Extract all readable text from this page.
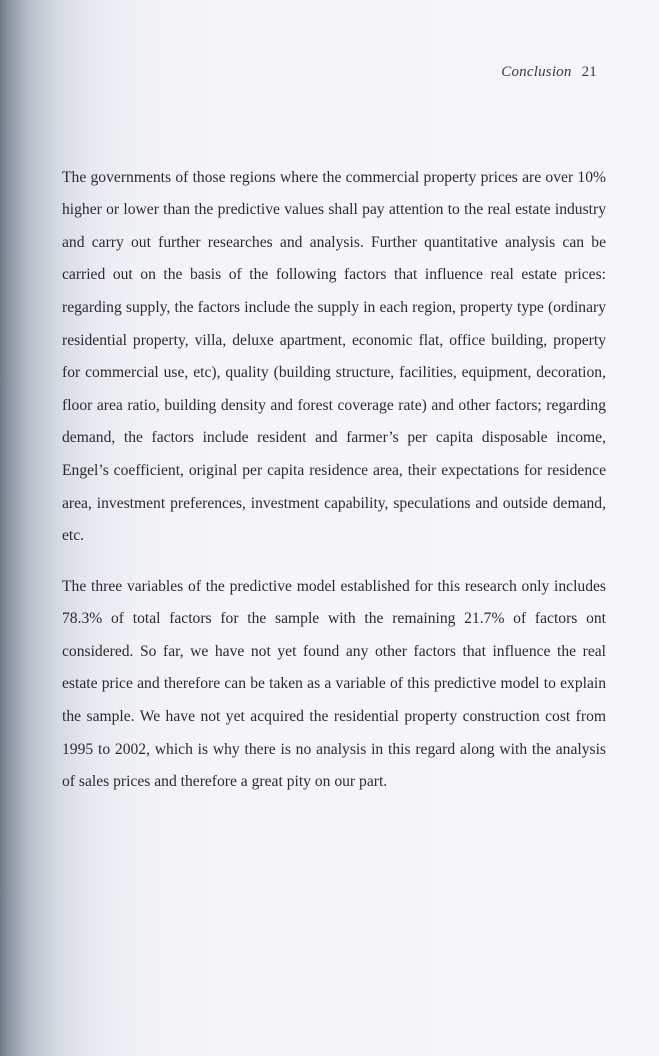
Conclusion 21

The governments of those regions where the commercial property prices are over 10% higher or lower than the predictive values shall pay attention to the real estate industry and carry out further researches and analysis. Further quantitative analysis can be carried out on the basis of the following factors that influence real estate prices: regarding supply, the factors include the supply in each region, property type (ordinary residential property, villa, deluxe apartment, economic flat, office building, property for commercial use, etc), quality (building structure, facilities, equipment, decoration, floor area ratio, building density and forest coverage rate) and other factors; regarding demand, the factors include resident and farmer’s per capita disposable income, Engel’s coefficient, original per capita residence area, their expectations for residence area, investment preferences, investment capability, speculations and outside demand, etc.

The three variables of the predictive model established for this research only includes 78.3% of total factors for the sample with the remaining 21.7% of factors ont considered. So far, we have not yet found any other factors that influence the real estate price and therefore can be taken as a variable of this predictive model to explain the sample. We have not yet acquired the residential property construction cost from 1995 to 2002, which is why there is no analysis in this regard along with the analysis of sales prices and therefore a great pity on our part.
